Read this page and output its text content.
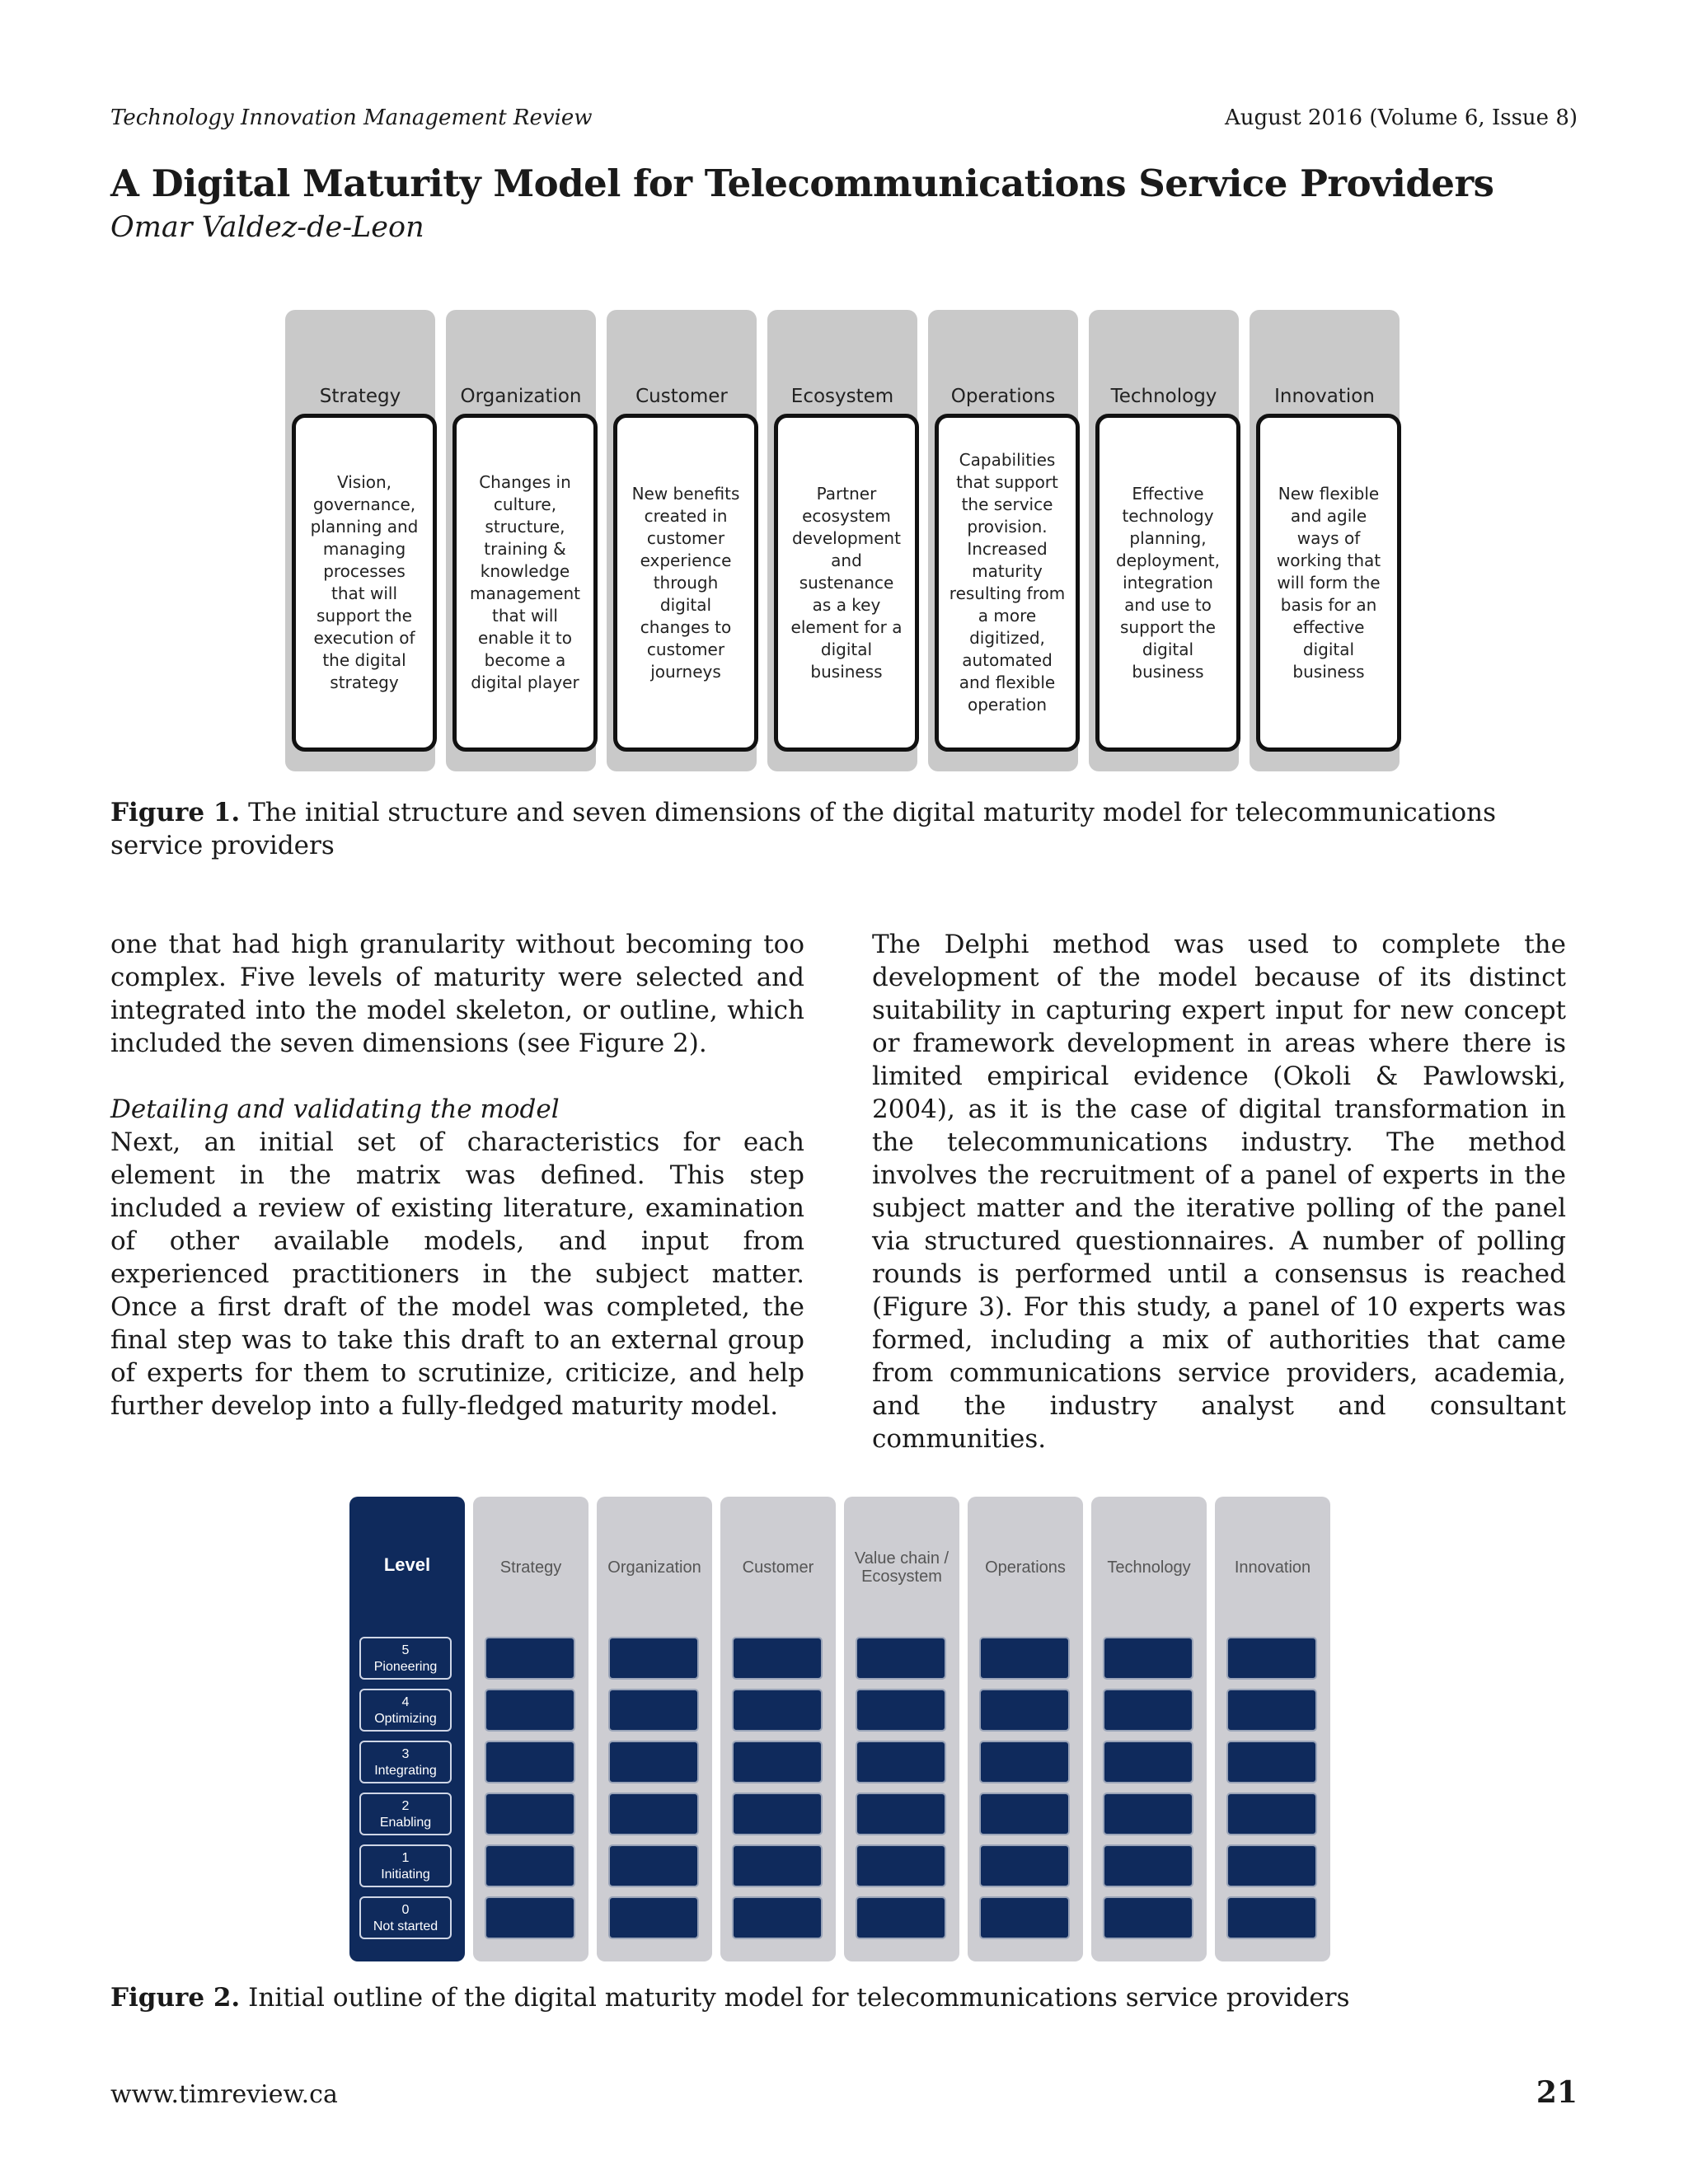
Technology Innovation Management Review	August 2016 (Volume 6, Issue 8)
A Digital Maturity Model for Telecommunications Service Providers
Omar Valdez-de-Leon
Strategy
Vision,
governance,
planning and
managing
processes
that will
support the
execution of
the digital
strategy
Organization
Changes in
culture,
structure,
training &
knowledge
management
that will
enable it to
become a
digital player
Customer
New benefits
created in
customer
experience
through
digital
changes to
customer
journeys
Ecosystem
Partner
ecosystem
development
and
sustenance
as a key
element for a
digital
business
Operations
Capabilities
that support
the service
provision.
Increased
maturity
resulting from
a more
digitized,
automated
and flexible
operation
Technology
Effective
technology
planning,
deployment,
integration
and use to
support the
digital
business
Innovation
New flexible
and agile
ways of
working that
will form the
basis for an
effective
digital
business
Figure 1. The initial structure and seven dimensions of the digital maturity model for telecommunications service providers

one that had high granularity without becoming too complex. Five levels of maturity were selected and integrated into the model skeleton, or outline, which included the seven dimensions (see Figure 2).

Detailing and validating the model

Next, an initial set of characteristics for each element in the matrix was defined. This step included a review of existing literature, examination of other available models, and input from experienced practitioners in the subject matter. Once a first draft of the model was completed, the final step was to take this draft to an external group of experts for them to scrutinize, criticize, and help further develop into a fully-fledged maturity model.

The Delphi method was used to complete the development of the model because of its distinct suitability in capturing expert input for new concept or framework development in areas where there is limited empirical evidence (Okoli & Pawlowski, 2004), as it is the case of digital transformation in the telecommunications industry. The method involves the recruitment of a panel of experts in the subject matter and the iterative polling of the panel via structured questionnaires. A number of polling rounds is performed until a consensus is reached (Figure 3). For this study, a panel of 10 experts was formed, including a mix of authorities that came from communications service providers, academia, and the industry analyst and consultant communities.

Level
5
Pioneering
4
Optimizing
3
Integrating
2
Enabling
1
Initiating
0
Not started
Strategy	Organization	Customer	Value chain / Ecosystem	Operations	Technology	Innovation
Figure 2. Initial outline of the digital maturity model for telecommunications service providers
www.timreview.ca	21
